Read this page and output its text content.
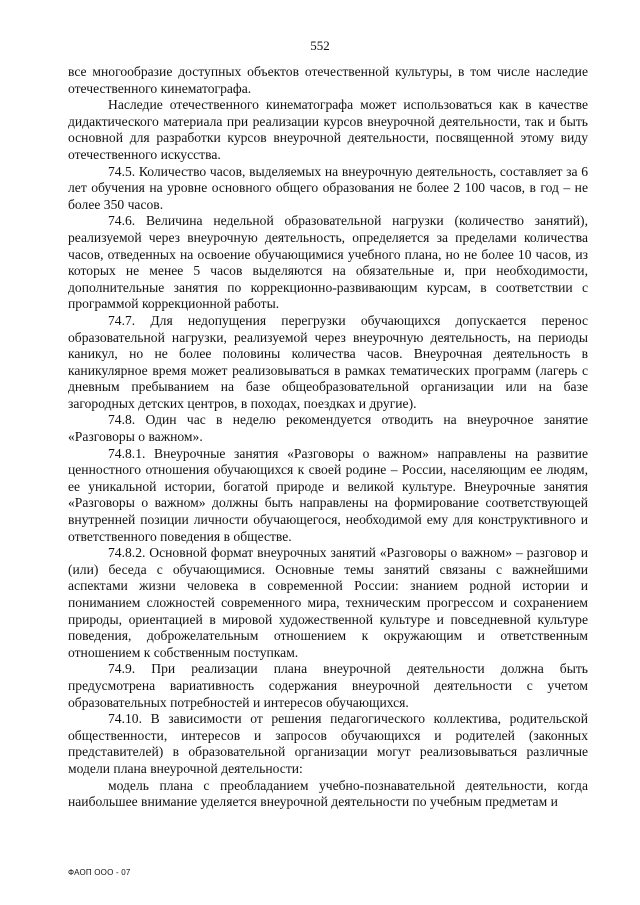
552

все многообразие доступных объектов отечественной культуры, в том числе наследие отечественного кинематографа.

Наследие отечественного кинематографа может использоваться как в качестве дидактического материала при реализации курсов внеурочной деятельности, так и быть основной для разработки курсов внеурочной деятельности, посвященной этому виду отечественного искусства.

74.5. Количество часов, выделяемых на внеурочную деятельность, составляет за 6 лет обучения на уровне основного общего образования не более 2 100 часов, в год – не более 350 часов.

74.6. Величина недельной образовательной нагрузки (количество занятий), реализуемой через внеурочную деятельность, определяется за пределами количества часов, отведенных на освоение обучающимися учебного плана, но не более 10 часов, из которых не менее 5 часов выделяются на обязательные и, при необходимости, дополнительные занятия по коррекционно-развивающим курсам, в соответствии с программой коррекционной работы.

74.7. Для недопущения перегрузки обучающихся допускается перенос образовательной нагрузки, реализуемой через внеурочную деятельность, на периоды каникул, но не более половины количества часов. Внеурочная деятельность в каникулярное время может реализовываться в рамках тематических программ (лагерь с дневным пребыванием на базе общеобразовательной организации или на базе загородных детских центров, в походах, поездках и другие).

74.8. Один час в неделю рекомендуется отводить на внеурочное занятие «Разговоры о важном».

74.8.1. Внеурочные занятия «Разговоры о важном» направлены на развитие ценностного отношения обучающихся к своей родине – России, населяющим ее людям, ее уникальной истории, богатой природе и великой культуре. Внеурочные занятия «Разговоры о важном» должны быть направлены на формирование соответствующей внутренней позиции личности обучающегося, необходимой ему для конструктивного и ответственного поведения в обществе.

74.8.2. Основной формат внеурочных занятий «Разговоры о важном» – разговор и (или) беседа с обучающимися. Основные темы занятий связаны с важнейшими аспектами жизни человека в современной России: знанием родной истории и пониманием сложностей современного мира, техническим прогрессом и сохранением природы, ориентацией в мировой художественной культуре и повседневной культуре поведения, доброжелательным отношением к окружающим и ответственным отношением к собственным поступкам.

74.9. При реализации плана внеурочной деятельности должна быть предусмотрена вариативность содержания внеурочной деятельности с учетом образовательных потребностей и интересов обучающихся.

74.10. В зависимости от решения педагогического коллектива, родительской общественности, интересов и запросов обучающихся и родителей (законных представителей) в образовательной организации могут реализовываться различные модели плана внеурочной деятельности:

модель плана с преобладанием учебно-познавательной деятельности, когда наибольшее внимание уделяется внеурочной деятельности по учебным предметам и

ФАОП ООО - 07
